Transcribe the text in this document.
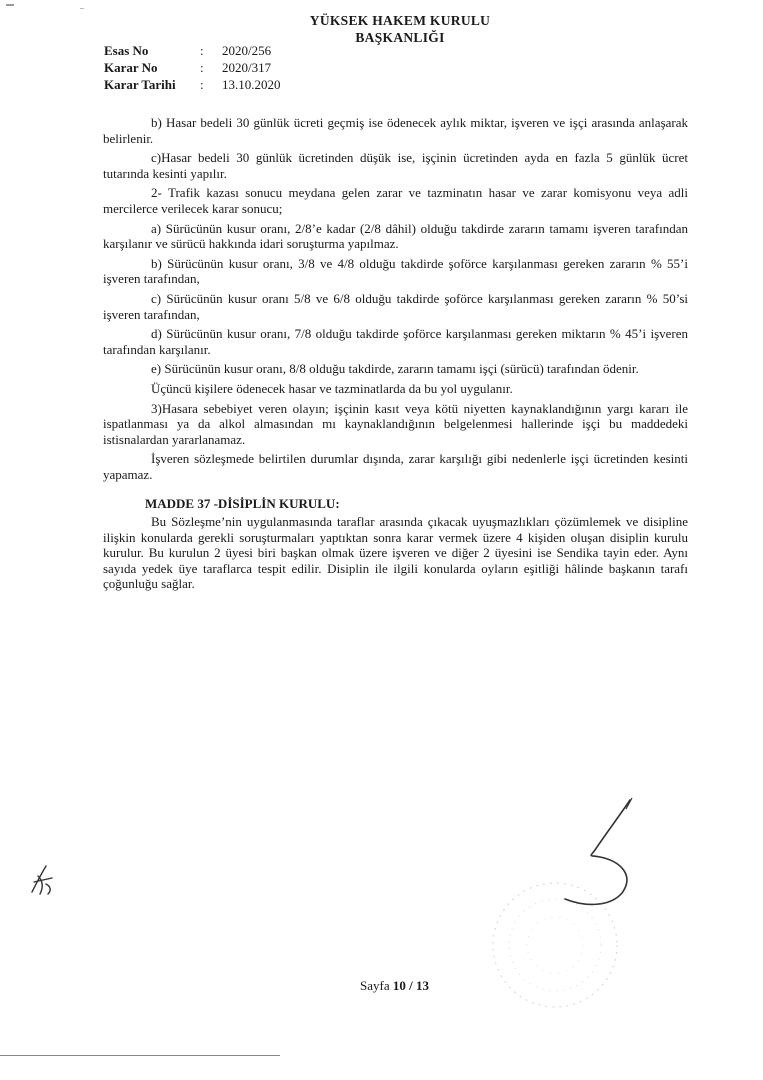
YÜKSEK HAKEM KURULU
BAŞKANLIĞI
Esas No	:	2020/256
Karar No	:	2020/317
Karar Tarihi	:	13.10.2020

b) Hasar bedeli 30 günlük ücreti geçmiş ise ödenecek aylık miktar, işveren ve işçi arasında anlaşarak belirlenir.

c)Hasar bedeli 30 günlük ücretinden düşük ise, işçinin ücretinden ayda en fazla 5 günlük ücret tutarında kesinti yapılır.

2- Trafik kazası sonucu meydana gelen zarar ve tazminatın hasar ve zarar komisyonu veya adli mercilerce verilecek karar sonucu;

a) Sürücünün kusur oranı, 2/8’e kadar (2/8 dâhil) olduğu takdirde zararın tamamı işveren tarafından karşılanır ve sürücü hakkında idari soruşturma yapılmaz.

b) Sürücünün kusur oranı, 3/8 ve 4/8 olduğu takdirde şoförce karşılanması gereken zararın % 55’i işveren tarafından,

c) Sürücünün kusur oranı 5/8 ve 6/8 olduğu takdirde şoförce karşılanması gereken zararın % 50’si işveren tarafından,

d) Sürücünün kusur oranı, 7/8 olduğu takdirde şoförce karşılanması gereken miktarın % 45’i işveren tarafından karşılanır.

e) Sürücünün kusur oranı, 8/8 olduğu takdirde, zararın tamamı işçi (sürücü) tarafından ödenir.

Üçüncü kişilere ödenecek hasar ve tazminatlarda da bu yol uygulanır.

3)Hasara sebebiyet veren olayın; işçinin kasıt veya kötü niyetten kaynaklandığının yargı kararı ile ispatlanması ya da alkol almasından mı kaynaklandığının belgelenmesi hallerinde işçi bu maddedeki istisnalardan yararlanamaz.

İşveren sözleşmede belirtilen durumlar dışında, zarar karşılığı gibi nedenlerle işçi ücretinden kesinti yapamaz.

MADDE 37 -DİSİPLİN KURULU:

Bu Sözleşme’nin uygulanmasında taraflar arasında çıkacak uyuşmazlıkları çözümlemek ve disipline ilişkin konularda gerekli soruşturmaları yaptıktan sonra karar vermek üzere 4 kişiden oluşan disiplin kurulu kurulur. Bu kurulun 2 üyesi biri başkan olmak üzere işveren ve diğer 2 üyesini ise Sendika tayin eder. Aynı sayıda yedek üye taraflarca tespit edilir. Disiplin ile ilgili konularda oyların eşitliği hâlinde başkanın tarafı çoğunluğu sağlar.

Sayfa 10 / 13
